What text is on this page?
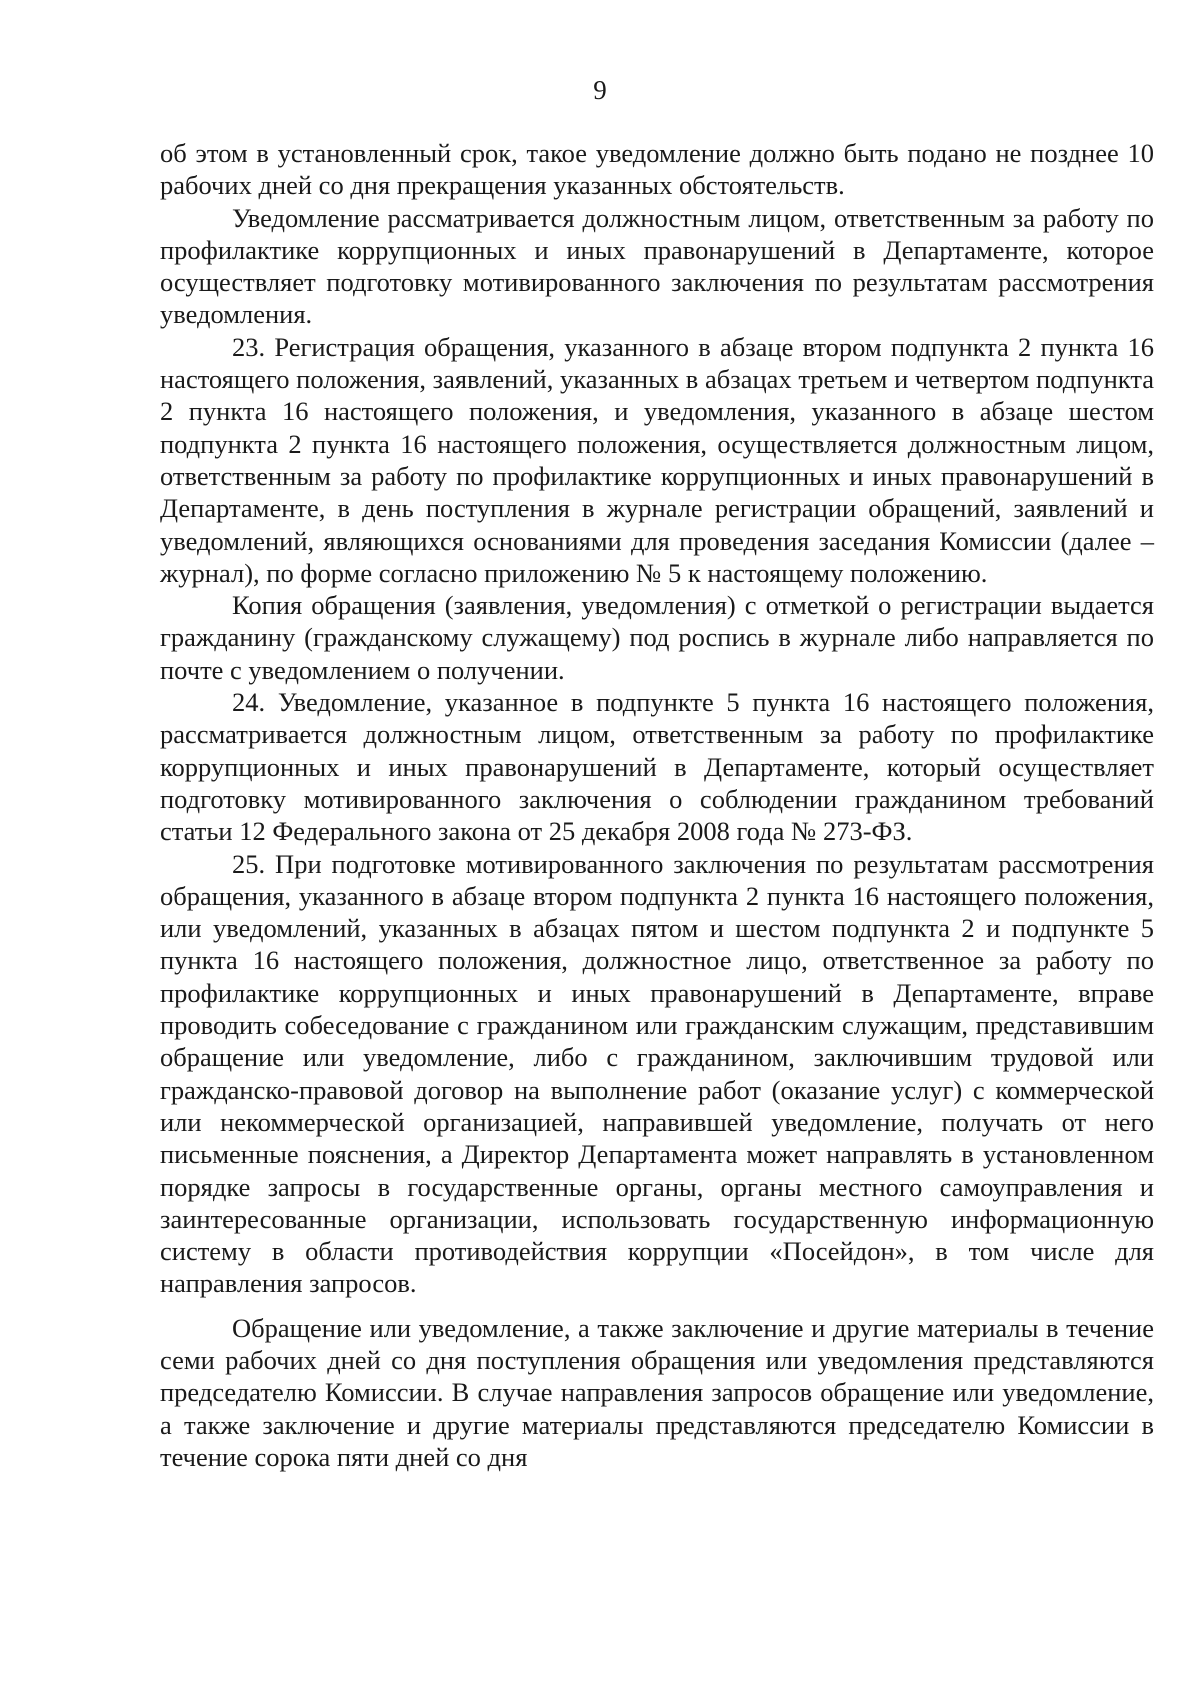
9

об этом в установленный срок, такое уведомление должно быть подано не позднее 10 рабочих дней со дня прекращения указанных обстоятельств.

Уведомление рассматривается должностным лицом, ответственным за работу по профилактике коррупционных и иных правонарушений в Департаменте, которое осуществляет подготовку мотивированного заключения по результатам рассмотрения уведомления.

23. Регистрация обращения, указанного в абзаце втором подпункта 2 пункта 16 настоящего положения, заявлений, указанных в абзацах третьем и четвертом подпункта 2 пункта 16 настоящего положения, и уведомления, указанного в абзаце шестом подпункта 2 пункта 16 настоящего положения, осуществляется должностным лицом, ответственным за работу по профилактике коррупционных и иных правонарушений в Департаменте, в день поступления в журнале регистрации обращений, заявлений и уведомлений, являющихся основаниями для проведения заседания Комиссии (далее – журнал), по форме согласно приложению № 5 к настоящему положению.

Копия обращения (заявления, уведомления) с отметкой о регистрации выдается гражданину (гражданскому служащему) под роспись в журнале либо направляется по почте с уведомлением о получении.

24. Уведомление, указанное в подпункте 5 пункта 16 настоящего положения, рассматривается должностным лицом, ответственным за работу по профилактике коррупционных и иных правонарушений в Департаменте, который осуществляет подготовку мотивированного заключения о соблюдении гражданином требований статьи 12 Федерального закона от 25 декабря 2008 года № 273-ФЗ.

25. При подготовке мотивированного заключения по результатам рассмотрения обращения, указанного в абзаце втором подпункта 2 пункта 16 настоящего положения, или уведомлений, указанных в абзацах пятом и шестом подпункта 2 и подпункте 5 пункта 16 настоящего положения, должностное лицо, ответственное за работу по профилактике коррупционных и иных правонарушений в Департаменте, вправе проводить собеседование с гражданином или гражданским служащим, представившим обращение или уведомление, либо с гражданином, заключившим трудовой или гражданско-правовой договор на выполнение работ (оказание услуг) с коммерческой или некоммерческой организацией, направившей уведомление, получать от него письменные пояснения, а Директор Департамента может направлять в установленном порядке запросы в государственные органы, органы местного самоуправления и заинтересованные организации, использовать государственную информационную систему в области противодействия коррупции «Посейдон», в том числе для направления запросов.

Обращение или уведомление, а также заключение и другие материалы в течение семи рабочих дней со дня поступления обращения или уведомления представляются председателю Комиссии. В случае направления запросов обращение или уведомление, а также заключение и другие материалы представляются председателю Комиссии в течение сорока пяти дней со дня
